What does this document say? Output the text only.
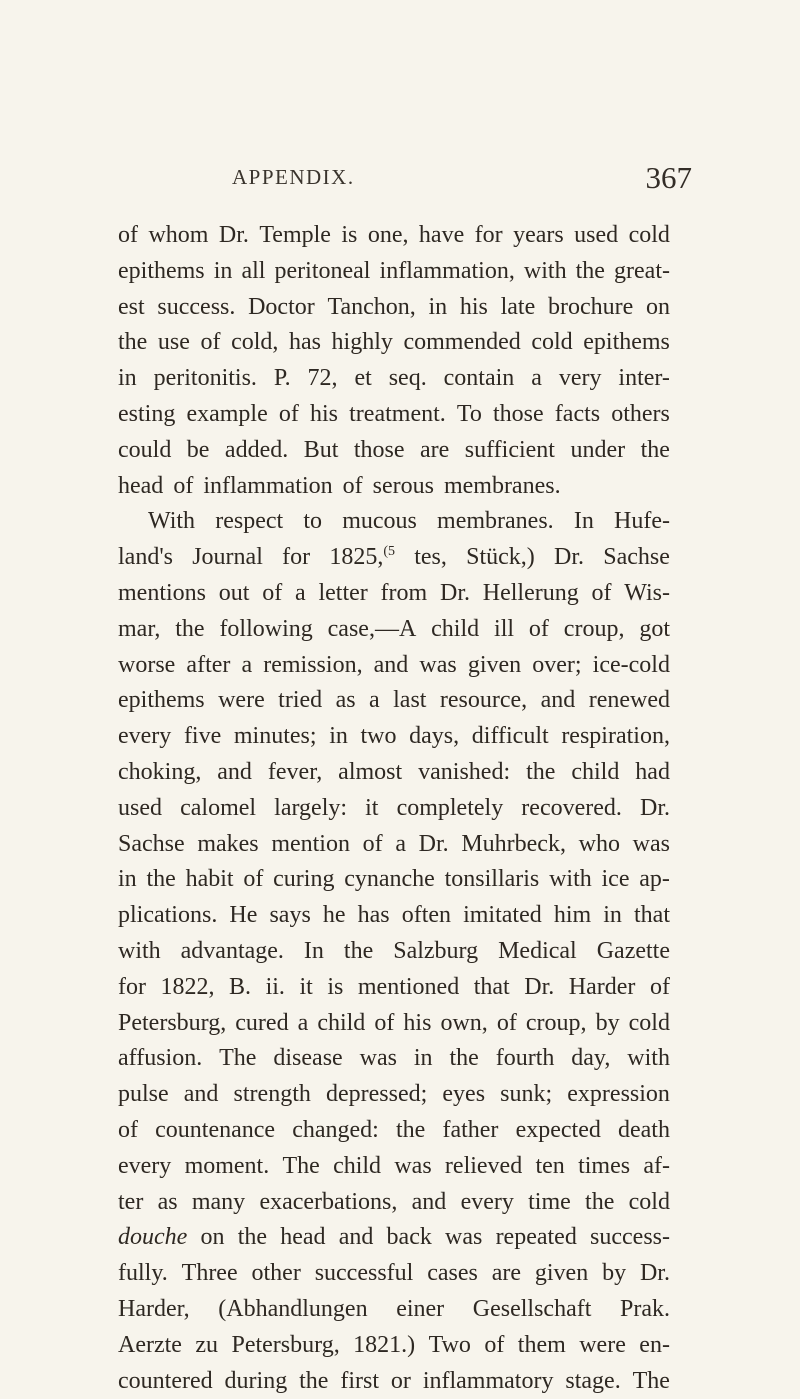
APPENDIX.	367
of whom Dr. Temple is one, have for years used cold
epithems in all peritoneal inflammation, with the great-
est success. Doctor Tanchon, in his late brochure on
the use of cold, has highly commended cold epithems
in peritonitis. P. 72, et seq. contain a very inter-
esting example of his treatment. To those facts others
could be added. But those are sufficient under the
head of inflammation of serous membranes.
With respect to mucous membranes. In Hufe-
land's Journal for 1825,$^{(5}$ tes, Stück,) Dr. Sachse
mentions out of a letter from Dr. Hellerung of Wis-
mar, the following case,—A child ill of croup, got
worse after a remission, and was given over; ice-cold
epithems were tried as a last resource, and renewed
every five minutes; in two days, difficult respiration,
choking, and fever, almost vanished: the child had
used calomel largely: it completely recovered. Dr.
Sachse makes mention of a Dr. Muhrbeck, who was
in the habit of curing cynanche tonsillaris with ice ap-
plications. He says he has often imitated him in that
with advantage. In the Salzburg Medical Gazette
for 1822, B. ii. it is mentioned that Dr. Harder of
Petersburg, cured a child of his own, of croup, by cold
affusion. The disease was in the fourth day, with
pulse and strength depressed; eyes sunk; expression
of countenance changed: the father expected death
every moment. The child was relieved ten times af-
ter as many exacerbations, and every time the cold
douche on the head and back was repeated success-
fully. Three other successful cases are given by Dr.
Harder, (Abhandlungen einer Gesellschaft Prak.
Aerzte zu Petersburg, 1821.) Two of them were en-
countered during the first or inflammatory stage. The
